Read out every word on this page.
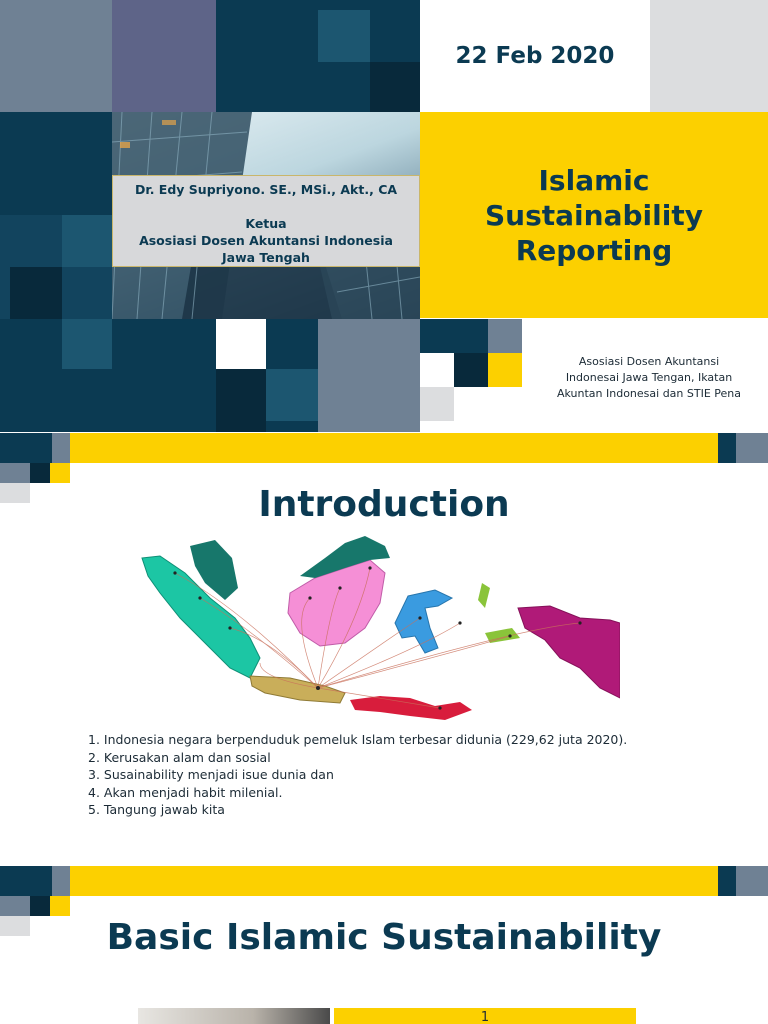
Dr. Edy Supriyono. SE., MSi., Akt., CA
Ketua
Asosiasi Dosen Akuntansi Indonesia
Jawa Tengah
22 Feb 2020
Islamic
Sustainability
Reporting
Asosiasi Dosen Akuntansi
Indonesai Jawa Tengan, Ikatan
Akuntan Indonesai dan STIE Pena
Introduction
1. Indonesia negara berpenduduk pemeluk Islam terbesar didunia (229,62 juta 2020).
2. Kerusakan alam dan sosial
3. Susainability menjadi isue dunia dan
4. Akan menjadi habit milenial.
5. Tangung jawab kita
Basic Islamic Sustainability
1
